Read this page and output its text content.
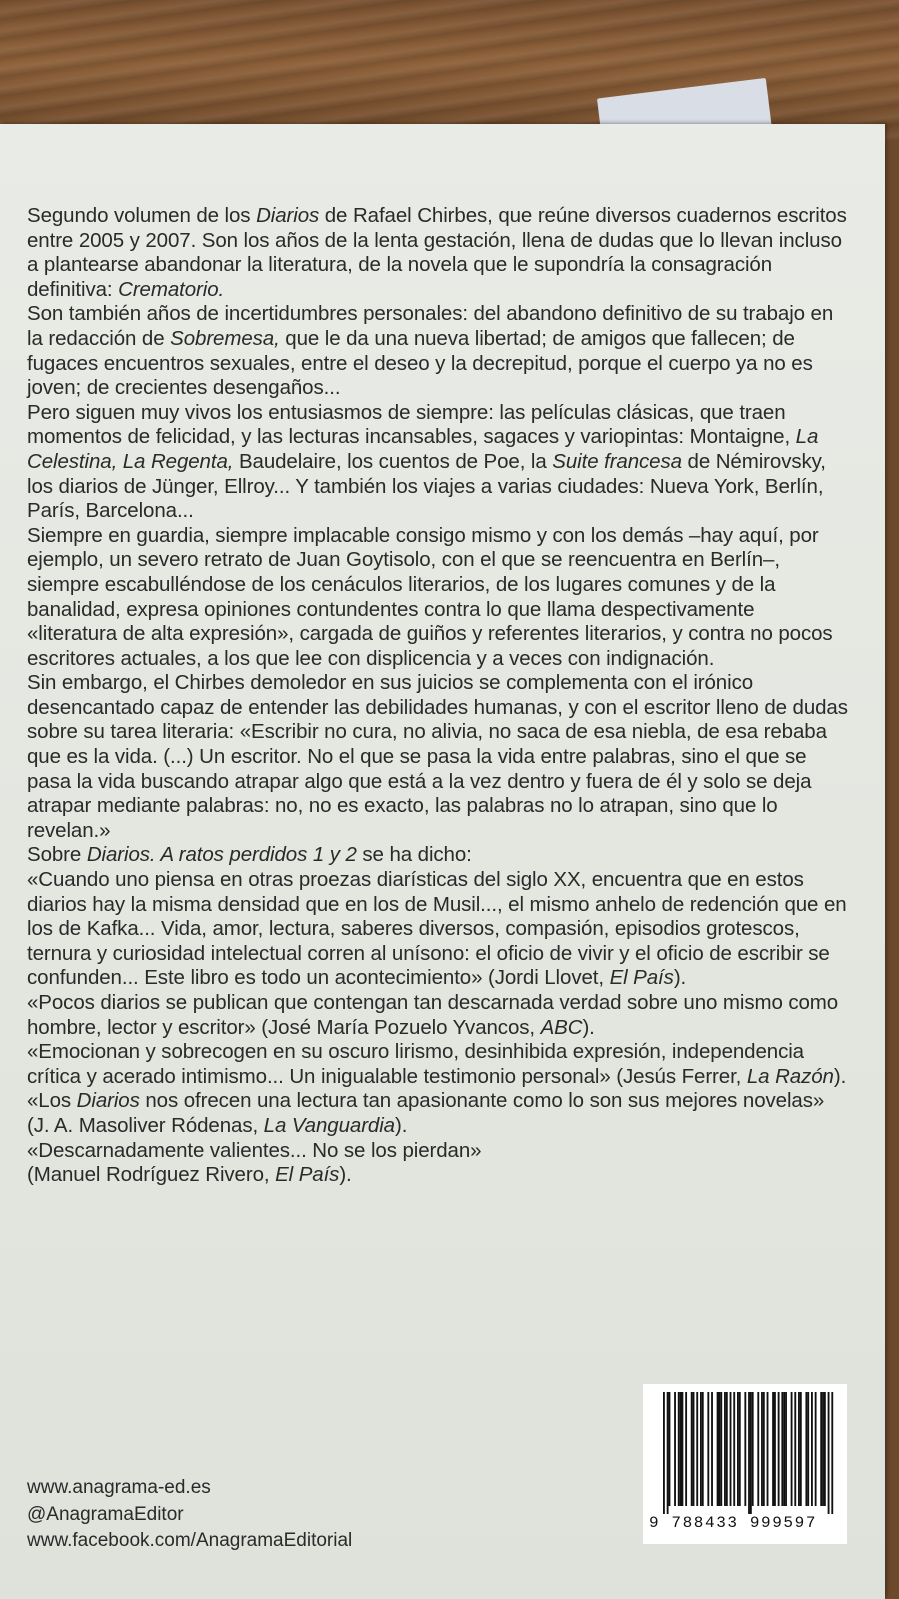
Segundo volumen de los Diarios de Rafael Chirbes, que reúne diversos cuadernos escritos entre 2005 y 2007. Son los años de la lenta gestación, llena de dudas que lo llevan incluso a plantearse abandonar la literatura, de la novela que le supondría la consagración definitiva: Crematorio.

Son también años de incertidumbres personales: del abandono definitivo de su trabajo en la redacción de Sobremesa, que le da una nueva libertad; de amigos que fallecen; de fugaces encuentros sexuales, entre el deseo y la decrepitud, porque el cuerpo ya no es joven; de crecientes desengaños...

Pero siguen muy vivos los entusiasmos de siempre: las películas clásicas, que traen momentos de felicidad, y las lecturas incansables, sagaces y variopintas: Montaigne, La Celestina, La Regenta, Baudelaire, los cuentos de Poe, la Suite francesa de Némirovsky, los diarios de Jünger, Ellroy... Y también los viajes a varias ciudades: Nueva York, Berlín, París, Barcelona...

Siempre en guardia, siempre implacable consigo mismo y con los demás –hay aquí, por ejemplo, un severo retrato de Juan Goytisolo, con el que se reencuentra en Berlín–, siempre escabulléndose de los cenáculos literarios, de los lugares comunes y de la banalidad, expresa opiniones contundentes contra lo que llama despectivamente «literatura de alta expresión», cargada de guiños y referentes literarios, y contra no pocos escritores actuales, a los que lee con displicencia y a veces con indignación.

Sin embargo, el Chirbes demoledor en sus juicios se complementa con el irónico desencantado capaz de entender las debilidades humanas, y con el escritor lleno de dudas sobre su tarea literaria: «Escribir no cura, no alivia, no saca de esa niebla, de esa rebaba que es la vida. (...) Un escritor. No el que se pasa la vida entre palabras, sino el que se pasa la vida buscando atrapar algo que está a la vez dentro y fuera de él y solo se deja atrapar mediante palabras: no, no es exacto, las palabras no lo atrapan, sino que lo revelan.»

Sobre Diarios. A ratos perdidos 1 y 2 se ha dicho:

«Cuando uno piensa en otras proezas diarísticas del siglo XX, encuentra que en estos diarios hay la misma densidad que en los de Musil..., el mismo anhelo de redención que en los de Kafka... Vida, amor, lectura, saberes diversos, compasión, episodios grotescos, ternura y curiosidad intelectual corren al unísono: el oficio de vivir y el oficio de escribir se confunden... Este libro es todo un acontecimiento» (Jordi Llovet, El País).

«Pocos diarios se publican que contengan tan descarnada verdad sobre uno mismo como hombre, lector y escritor» (José María Pozuelo Yvancos, ABC).

«Emocionan y sobrecogen en su oscuro lirismo, desinhibida expresión, independencia crítica y acerado intimismo... Un inigualable testimonio personal» (Jesús Ferrer, La Razón).

«Los Diarios nos ofrecen una lectura tan apasionante como lo son sus mejores novelas» (J. A. Masoliver Ródenas, La Vanguardia).

«Descarnadamente valientes... No se los pierdan»

(Manuel Rodríguez Rivero, El País).

www.anagrama-ed.es
@AnagramaEditor
www.facebook.com/AnagramaEditorial
9 788433 999597
